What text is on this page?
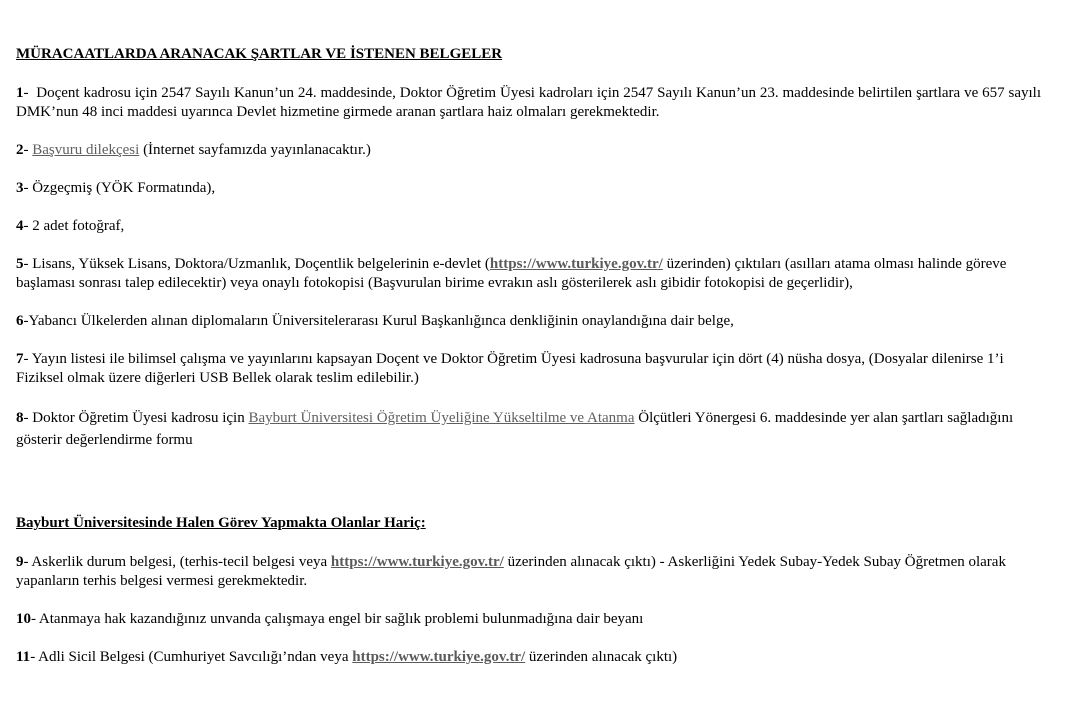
MÜRACAATLARDA ARANACAK ŞARTLAR VE İSTENEN BELGELER
1-  Doçent kadrosu için 2547 Sayılı Kanun’un 24. maddesinde, Doktor Öğretim Üyesi kadroları için 2547 Sayılı Kanun’un 23. maddesinde belirtilen şartlara ve 657 sayılı DMK’nun 48 inci maddesi uyarınca Devlet hizmetine girmede aranan şartlara haiz olmaları gerekmektedir.
2- Başvuru dilekçesi (İnternet sayfamızda yayınlanacaktır.)
3- Özgeçmiş (YÖK Formatında),
4- 2 adet fotoğraf,
5- Lisans, Yüksek Lisans, Doktora/Uzmanlık, Doçentlik belgelerinin e-devlet (https://www.turkiye.gov.tr/ üzerinden) çıktıları (asılları atama olması halinde göreve başlaması sonrası talep edilecektir) veya onaylı fotokopisi (Başvurulan birime evrakın aslı gösterilerek aslı gibidir fotokopisi de geçerlidir),
6-Yabancı Ülkelerden alınan diplomaların Üniversitelerarası Kurul Başkanlığınca denkliğinin onaylandığına dair belge,
7- Yayın listesi ile bilimsel çalışma ve yayınlarını kapsayan Doçent ve Doktor Öğretim Üyesi kadrosuna başvurular için dört (4) nüsha dosya, (Dosyalar dilenirse 1’i Fiziksel olmak üzere diğerleri USB Bellek olarak teslim edilebilir.)
8- Doktor Öğretim Üyesi kadrosu için Bayburt Üniversitesi Öğretim Üyeliğine Yükseltilme ve Atanma Ölçütleri Yönergesi 6. maddesinde yer alan şartları sağladığını gösterir değerlendirme formu
Bayburt Üniversitesinde Halen Görev Yapmakta Olanlar Hariç:
9- Askerlik durum belgesi, (terhis-tecil belgesi veya https://www.turkiye.gov.tr/ üzerinden alınacak çıktı) - Askerliğini Yedek Subay-Yedek Subay Öğretmen olarak yapanların terhis belgesi vermesi gerekmektedir.
10- Atanmaya hak kazandığınız unvanda çalışmaya engel bir sağlık problemi bulunmadığına dair beyanı
11- Adli Sicil Belgesi (Cumhuriyet Savcılığı’ndan veya https://www.turkiye.gov.tr/ üzerinden alınacak çıktı)
